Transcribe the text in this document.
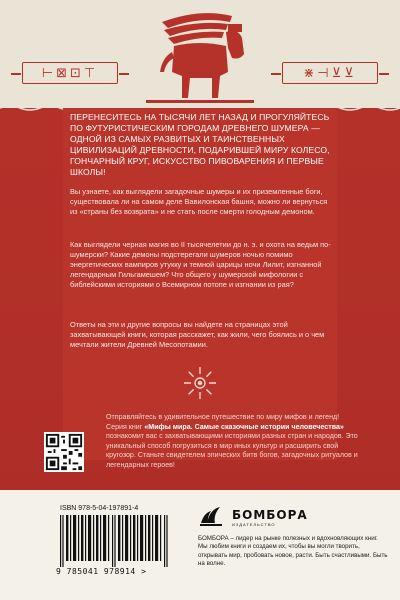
⊢⊠⊡⊤	⋇⊣⊻⊻
ПЕРЕНЕСИТЕСЬ НА ТЫСЯЧИ ЛЕТ НАЗАД И ПРОГУЛЯЙТЕСЬ ПО ФУТУРИСТИЧЕСКИМ ГОРОДАМ ДРЕВНЕГО ШУМЕРА — ОДНОЙ ИЗ САМЫХ РАЗВИТЫХ И ТАИНСТВЕННЫХ ЦИВИЛИЗАЦИЙ ДРЕВНОСТИ, ПОДАРИВШЕЙ МИРУ КОЛЕСО, ГОНЧАРНЫЙ КРУГ, ИСКУССТВО ПИВОВАРЕНИЯ И ПЕРВЫЕ ШКОЛЫ!
Вы узнаете, как выглядели загадочные шумеры и их приземленные боги, существовала ли на самом деле Вавилонская башня, можно ли вернуться из «страны без возврата» и не стать после смерти голодным демоном.
Как выглядели черная магия во II тысячелетии до н. э. и охота на ведьм по-шумерски? Какие демоны подстерегали шумеров ночью помимо энергетических вампиров утукку и темной царицы ночи Лилит, изгнанной легендарным Гильгамешем? Что общего у шумерской мифологии с библейскими историями о Всемирном потопе и изгнании из рая?
Ответы на эти и другие вопросы вы найдете на страницах этой захватывающей книги, которая расскажет, как жили, чего боялись и о чем мечтали жители Древней Месопотамии.
Отправляйтесь в удивительное путешествие по миру мифов и легенд! Серия книг «Мифы мира. Самые сказочные истории человечества» познакомит вас с захватывающими историями разных стран и народов. Это уникальный способ погрузиться в мир иных культур и расширить свой кругозор. Станьте свидетелем эпических битв богов, загадочных ритуалов и легендарных героев!
ISBN 978-5-04-197891-4
9 785041 978914 >
БОМБОРА
ИЗДАТЕЛЬСТВО
БОМБОРА – лидер на рынке полезных и вдохновляющих книг. Мы любим книги и создаем их, чтобы вы могли творить, открывать мир, пробовать новое, расти. Быть счастливыми. Быть на волне.
